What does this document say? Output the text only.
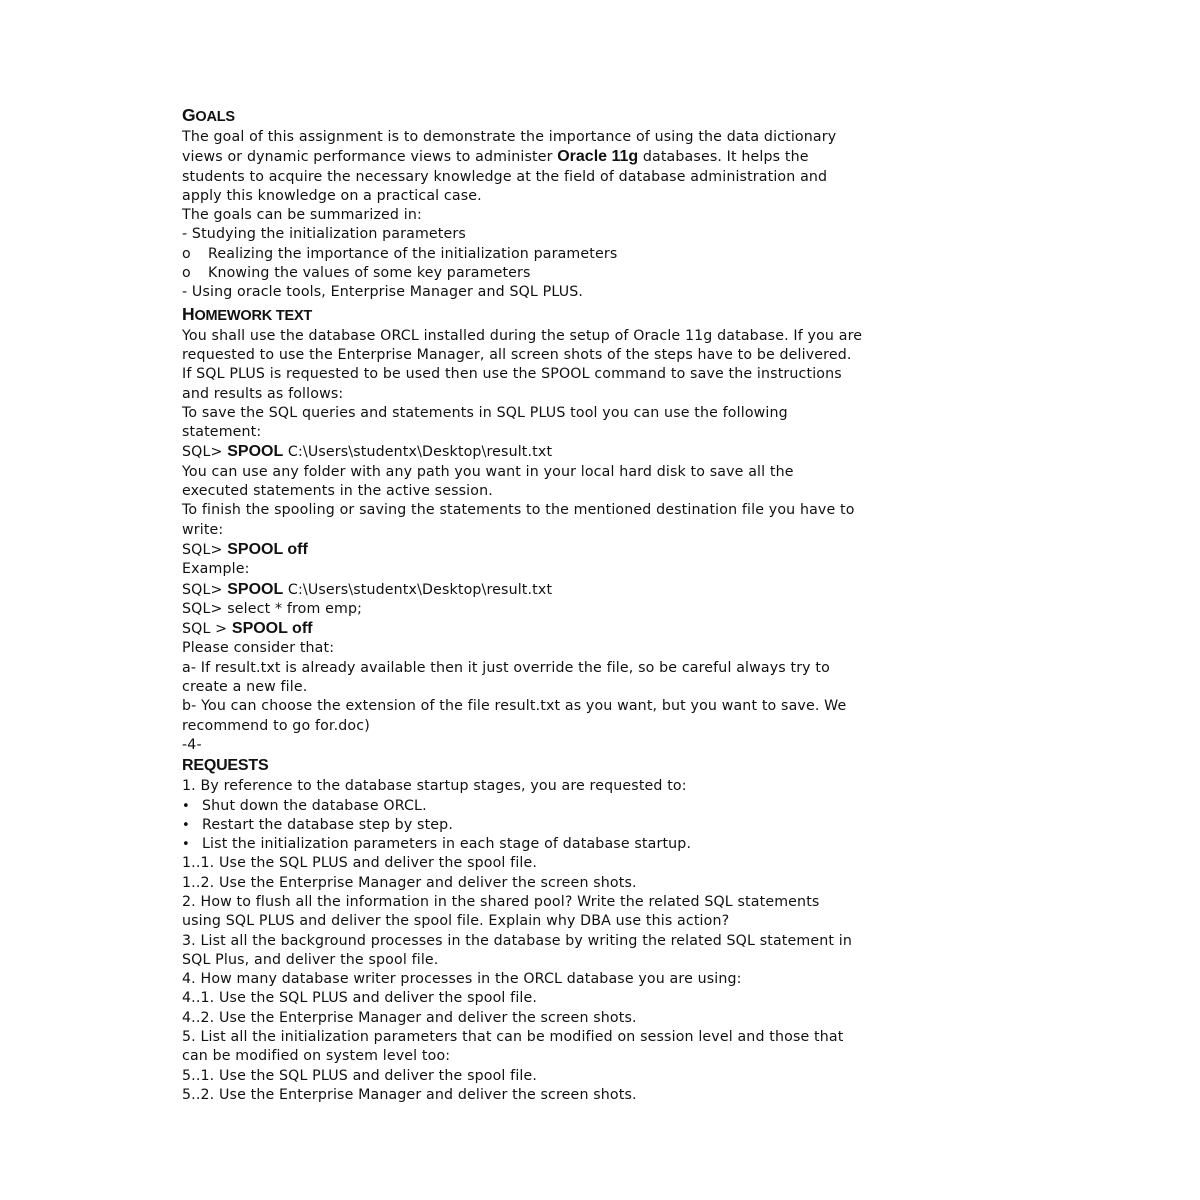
GOALS
The goal of this assignment is to demonstrate the importance of using the data dictionary
views or dynamic performance views to administer Oracle 11g databases. It helps the
students to acquire the necessary knowledge at the field of database administration and
apply this knowledge on a practical case.
The goals can be summarized in:
- Studying the initialization parameters
o Realizing the importance of the initialization parameters
o Knowing the values of some key parameters
- Using oracle tools, Enterprise Manager and SQL PLUS.
HOMEWORK TEXT
You shall use the database ORCL installed during the setup of Oracle 11g database. If you are
requested to use the Enterprise Manager, all screen shots of the steps have to be delivered.
If SQL PLUS is requested to be used then use the SPOOL command to save the instructions
and results as follows:
To save the SQL queries and statements in SQL PLUS tool you can use the following
statement:
SQL> SPOOL C:\Users\studentx\Desktop\result.txt
You can use any folder with any path you want in your local hard disk to save all the
executed statements in the active session.
To finish the spooling or saving the statements to the mentioned destination file you have to
write:
SQL> SPOOL off
Example:
SQL> SPOOL C:\Users\studentx\Desktop\result.txt
SQL> select * from emp;
SQL > SPOOL off
Please consider that:
a- If result.txt is already available then it just override the file, so be careful always try to
create a new file.
b- You can choose the extension of the file result.txt as you want, but you want to save. We
recommend to go for.doc)
-4-
REQUESTS
1. By reference to the database startup stages, you are requested to:
• Shut down the database ORCL.
• Restart the database step by step.
• List the initialization parameters in each stage of database startup.
1..1. Use the SQL PLUS and deliver the spool file.
1..2. Use the Enterprise Manager and deliver the screen shots.
2. How to flush all the information in the shared pool? Write the related SQL statements
using SQL PLUS and deliver the spool file. Explain why DBA use this action?
3. List all the background processes in the database by writing the related SQL statement in
SQL Plus, and deliver the spool file.
4. How many database writer processes in the ORCL database you are using:
4..1. Use the SQL PLUS and deliver the spool file.
4..2. Use the Enterprise Manager and deliver the screen shots.
5. List all the initialization parameters that can be modified on session level and those that
can be modified on system level too:
5..1. Use the SQL PLUS and deliver the spool file.
5..2. Use the Enterprise Manager and deliver the screen shots.
